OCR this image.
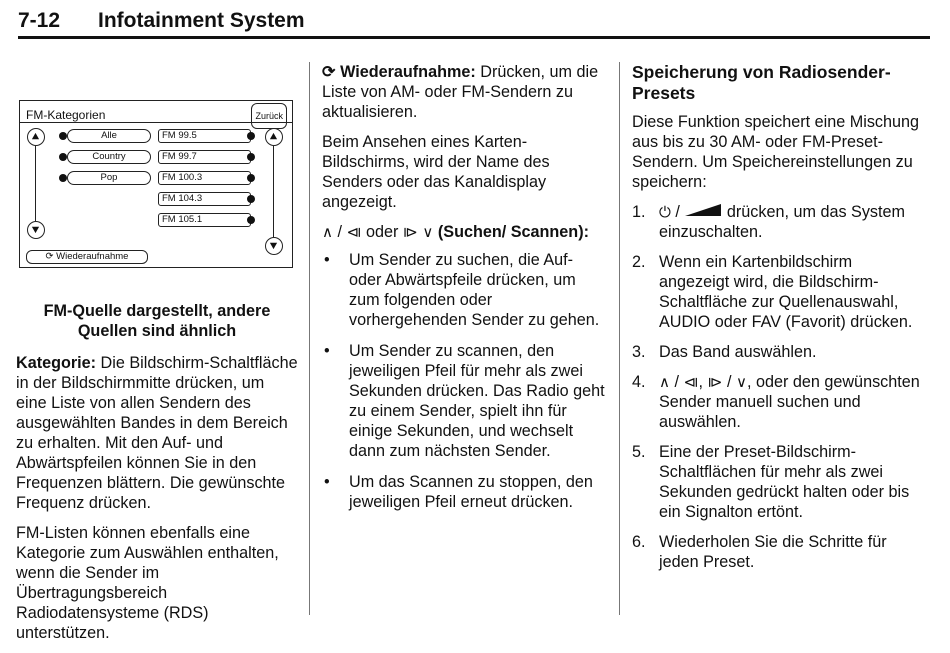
7-12 Infotainment System
FM-Kategorien	Zurück
Alle
Country
Pop
FM 99.5
FM 99.7
FM 100.3
FM 104.3
FM 105.1
⟳ Wiederaufnahme
FM-Quelle dargestellt, andere Quellen sind ähnlich

Kategorie: Die Bildschirm-Schaltfläche in der Bildschirmmitte drücken, um eine Liste von allen Sendern des ausgewählten Bandes in dem Bereich zu erhalten. Mit den Auf- und Abwärtspfeilen können Sie in den Frequenzen blättern. Die gewünschte Frequenz drücken.

FM-Listen können ebenfalls eine Kategorie zum Auswählen enthalten, wenn die Sender im Übertragungsbereich Radiodatensysteme (RDS) unterstützen.

⟳ Wiederaufnahme: Drücken, um die Liste von AM- oder FM-Sendern zu aktualisieren.

Beim Ansehen eines Karten-Bildschirms, wird der Name des Senders oder das Kanaldisplay angezeigt.

∧ / ⧏ oder ⧐ ∨ (Suchen/ Scannen):

• Um Sender zu suchen, die Auf- oder Abwärtspfeile drücken, um zum folgenden oder vorhergehenden Sender zu gehen.
• Um Sender zu scannen, den jeweiligen Pfeil für mehr als zwei Sekunden drücken. Das Radio geht zu einem Sender, spielt ihn für einige Sekunden, und wechselt dann zum nächsten Sender.
• Um das Scannen zu stoppen, den jeweiligen Pfeil erneut drücken.
Speicherung von Radiosender-Presets

Diese Funktion speichert eine Mischung aus bis zu 30 AM- oder FM-Preset-Sendern. Um Speichereinstellungen zu speichern:

1. ⏻ /  drücken, um das System einzuschalten.
2. Wenn ein Kartenbildschirm angezeigt wird, die Bildschirm-Schaltfläche zur Quellenauswahl, AUDIO oder FAV (Favorit) drücken.
3. Das Band auswählen.
4. ∧ / ⧏, ⧐ / ∨, oder den gewünschten Sender manuell suchen und auswählen.
5. Eine der Preset-Bildschirm-Schaltflächen für mehr als zwei Sekunden gedrückt halten oder bis ein Signalton ertönt.
6. Wiederholen Sie die Schritte für jeden Preset.
